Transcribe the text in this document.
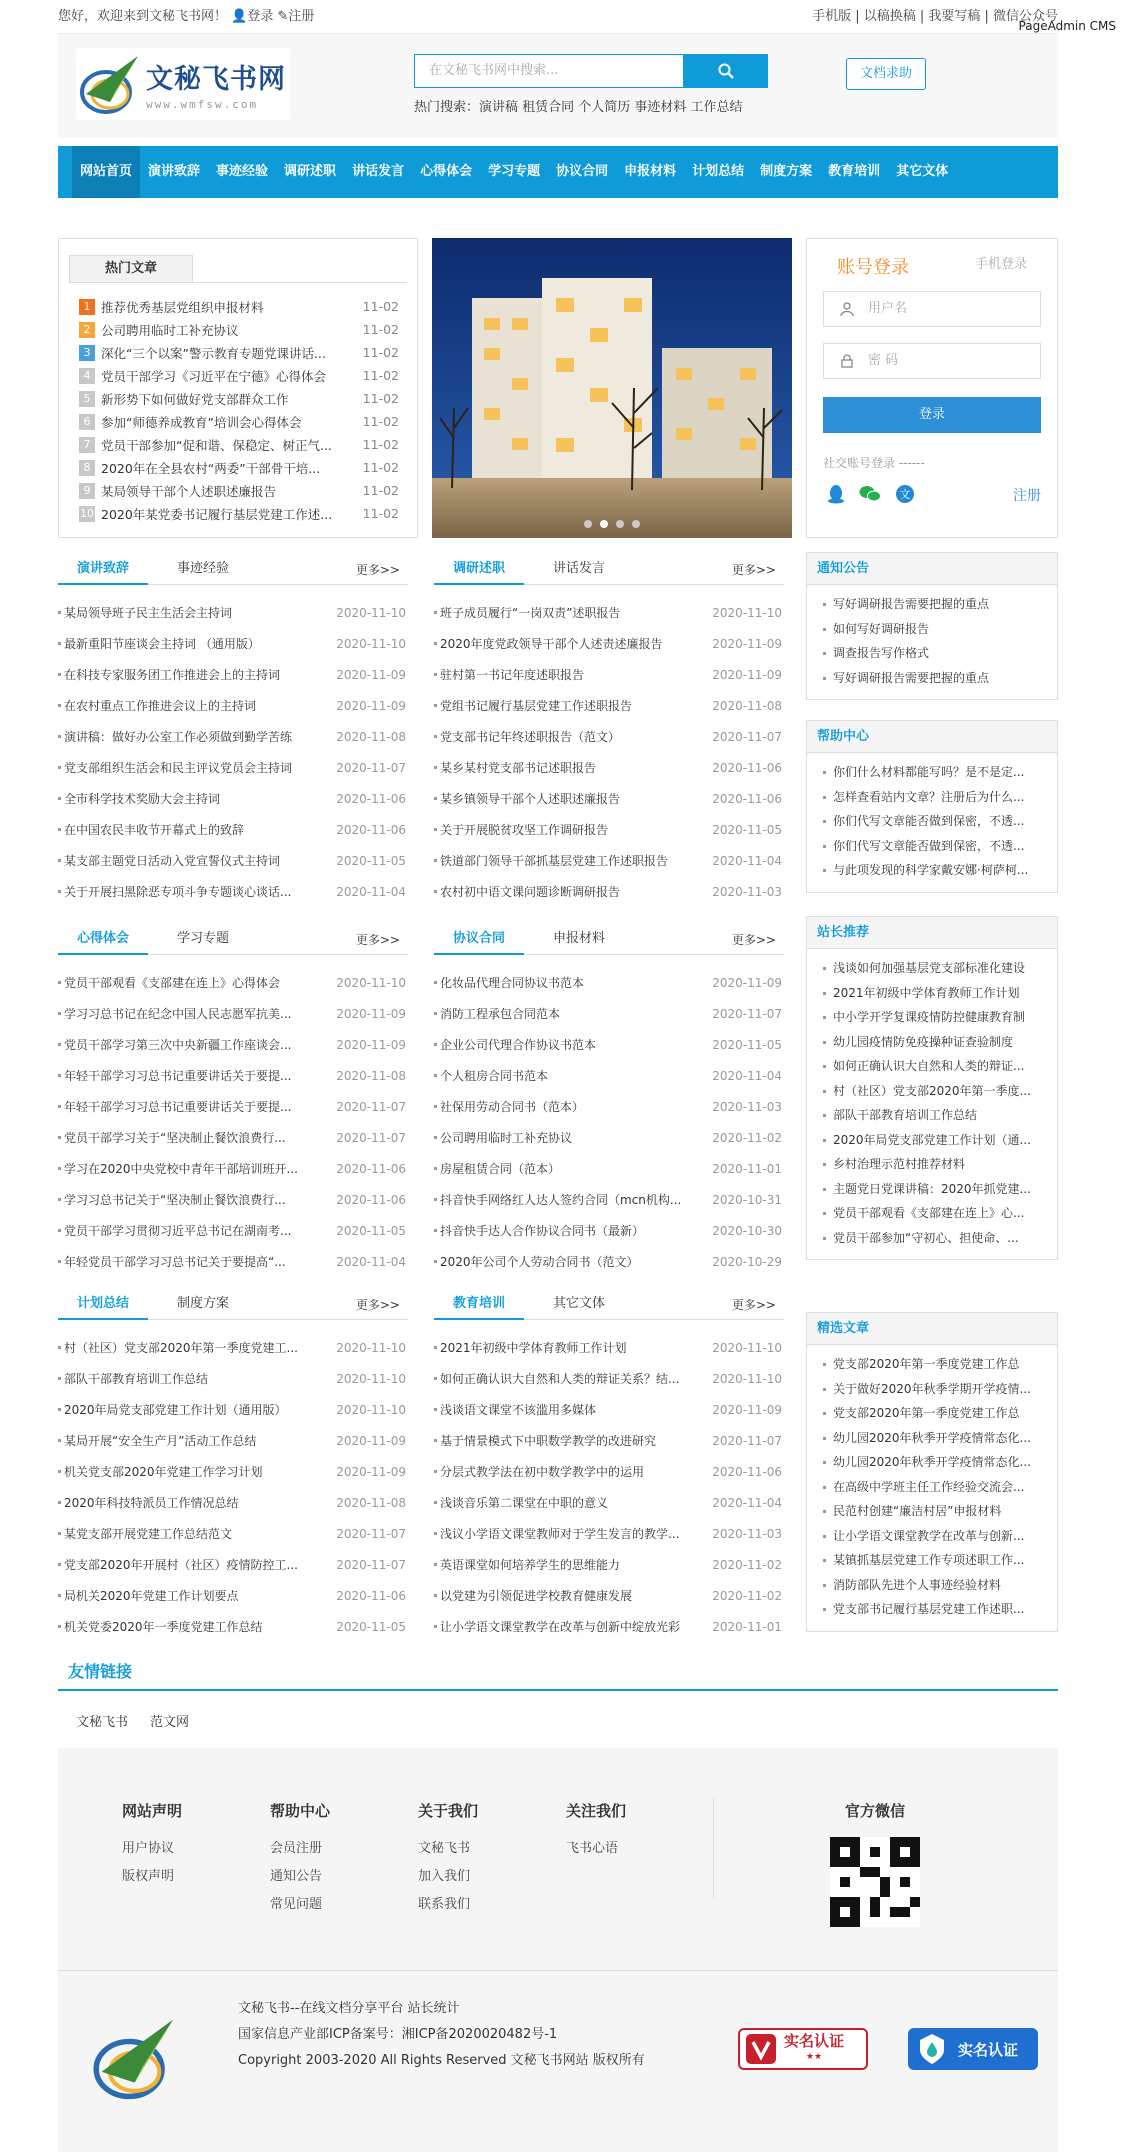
您好，欢迎来到文秘飞书网！ 👤登录 ✎注册	手机版 | 以稿换稿 | 我要写稿 | 微信公众号
PageAdmin CMS
文秘飞书网
www.wmfsw.com
在文秘飞书网中搜索...
热门搜索：演讲稿 租赁合同 个人简历 事迹材料 工作总结
文档求助
网站首页	演讲致辞	事迹经验	调研述职	讲话发言	心得体会	学习专题	协议合同	申报材料	计划总结	制度方案	教育培训	其它文体
热门文章
1 推荐优秀基层党组织申报材料	11-02
2 公司聘用临时工补充协议	11-02
3 深化“三个以案”警示教育专题党课讲话...	11-02
4 党员干部学习《习近平在宁德》心得体会	11-02
5 新形势下如何做好党支部群众工作	11-02
6 参加“师德养成教育”培训会心得体会	11-02
7 党员干部参加“促和谐、保稳定、树正气...	11-02
8 2020年在全县农村“两委”干部骨干培...	11-02
9 某局领导干部个人述职述廉报告	11-02
10 2020年某党委书记履行基层党建工作述...	11-02
账号登录	手机登录
用户名
密 码
登录
社交账号登录 ------
文	注册
演讲致辞	事迹经验	更多>>
某局领导班子民主生活会主持词	2020-11-10
最新重阳节座谈会主持词 （通用版）	2020-11-10
在科技专家服务团工作推进会上的主持词	2020-11-09
在农村重点工作推进会议上的主持词	2020-11-09
演讲稿：做好办公室工作必须做到勤学苦练	2020-11-08
党支部组织生活会和民主评议党员会主持词	2020-11-07
全市科学技术奖励大会主持词	2020-11-06
在中国农民丰收节开幕式上的致辞	2020-11-06
某支部主题党日活动入党宣誓仪式主持词	2020-11-05
关于开展扫黑除恶专项斗争专题谈心谈话...	2020-11-04
调研述职	讲话发言	更多>>
班子成员履行“一岗双责”述职报告	2020-11-10
2020年度党政领导干部个人述责述廉报告	2020-11-09
驻村第一书记年度述职报告	2020-11-09
党组书记履行基层党建工作述职报告	2020-11-08
党支部书记年终述职报告（范文）	2020-11-07
某乡某村党支部书记述职报告	2020-11-06
某乡镇领导干部个人述职述廉报告	2020-11-06
关于开展脱贫攻坚工作调研报告	2020-11-05
铁道部门领导干部抓基层党建工作述职报告	2020-11-04
农村初中语文课问题诊断调研报告	2020-11-03
心得体会	学习专题	更多>>
党员干部观看《支部建在连上》心得体会	2020-11-10
学习习总书记在纪念中国人民志愿军抗美...	2020-11-09
党员干部学习第三次中央新疆工作座谈会...	2020-11-09
年轻干部学习习总书记重要讲话关于要提...	2020-11-08
年轻干部学习习总书记重要讲话关于要提...	2020-11-07
党员干部学习关于“坚决制止餐饮浪费行...	2020-11-07
学习在2020中央党校中青年干部培训班开...	2020-11-06
学习习总书记关于“坚决制止餐饮浪费行...	2020-11-06
党员干部学习贯彻习近平总书记在湖南考...	2020-11-05
年轻党员干部学习习总书记关于要提高“...	2020-11-04
协议合同	申报材料	更多>>
化妆品代理合同协议书范本	2020-11-09
消防工程承包合同范本	2020-11-07
企业公司代理合作协议书范本	2020-11-05
个人租房合同书范本	2020-11-04
社保用劳动合同书（范本）	2020-11-03
公司聘用临时工补充协议	2020-11-02
房屋租赁合同（范本）	2020-11-01
抖音快手网络红人达人签约合同（mcn机构...	2020-10-31
抖音快手达人合作协议合同书（最新）	2020-10-30
2020年公司个人劳动合同书（范文）	2020-10-29
计划总结	制度方案	更多>>
村（社区）党支部2020年第一季度党建工...	2020-11-10
部队干部教育培训工作总结	2020-11-10
2020年局党支部党建工作计划（通用版）	2020-11-10
某局开展“安全生产月”活动工作总结	2020-11-09
机关党支部2020年党建工作学习计划	2020-11-09
2020年科技特派员工作情况总结	2020-11-08
某党支部开展党建工作总结范文	2020-11-07
党支部2020年开展村（社区）疫情防控工...	2020-11-07
局机关2020年党建工作计划要点	2020-11-06
机关党委2020年一季度党建工作总结	2020-11-05
教育培训	其它文体	更多>>
2021年初级中学体育教师工作计划	2020-11-10
如何正确认识大自然和人类的辩证关系？结...	2020-11-10
浅谈语文课堂不该滥用多媒体	2020-11-09
基于情景模式下中职数学教学的改进研究	2020-11-07
分层式教学法在初中数学教学中的运用	2020-11-06
浅谈音乐第二课堂在中职的意义	2020-11-04
浅议小学语文课堂教师对于学生发言的教学...	2020-11-03
英语课堂如何培养学生的思维能力	2020-11-02
以党建为引领促进学校教育健康发展	2020-11-02
让小学语文课堂教学在改革与创新中绽放光彩	2020-11-01
通知公告
写好调研报告需要把握的重点
如何写好调研报告
调查报告写作格式
写好调研报告需要把握的重点
帮助中心
你们什么材料都能写吗？是不是定...
怎样查看站内文章？注册后为什么...
你们代写文章能否做到保密，不透...
你们代写文章能否做到保密，不透...
与此项发现的科学家戴安娜·柯萨柯...
站长推荐
浅谈如何加强基层党支部标准化建设
2021年初级中学体育教师工作计划
中小学开学复课疫情防控健康教育制
幼儿园疫情防免疫操种证查验制度
如何正确认识大自然和人类的辩证...
村（社区）党支部2020年第一季度...
部队干部教育培训工作总结
2020年局党支部党建工作计划（通...
乡村治理示范村推荐材料
主题党日党课讲稿：2020年抓党建...
党员干部观看《支部建在连上》心...
党员干部参加“守初心、担使命、...
精选文章
党支部2020年第一季度党建工作总
关于做好2020年秋季学期开学疫情...
党支部2020年第一季度党建工作总
幼儿园2020年秋季开学疫情常态化...
幼儿园2020年秋季开学疫情常态化...
在高级中学班主任工作经验交流会...
民范村创建“廉洁村居”申报材料
让小学语文课堂教学在改革与创新...
某镇抓基层党建工作专项述职工作...
消防部队先进个人事迹经验材料
党支部书记履行基层党建工作述职...
友情链接
文秘飞书 范文网
网站声明
用户协议
版权声明
帮助中心
会员注册
通知公告
常见问题
关于我们
文秘飞书
加入我们
联系我们
关注我们
飞书心语
官方微信
文秘飞书--在线文档分享平台 站长统计
国家信息产业部ICP备案号：湘ICP备2020020482号-1
Copyright 2003-2020 All Rights Reserved 文秘飞书网站 版权所有
实名认证
★★	实名认证
